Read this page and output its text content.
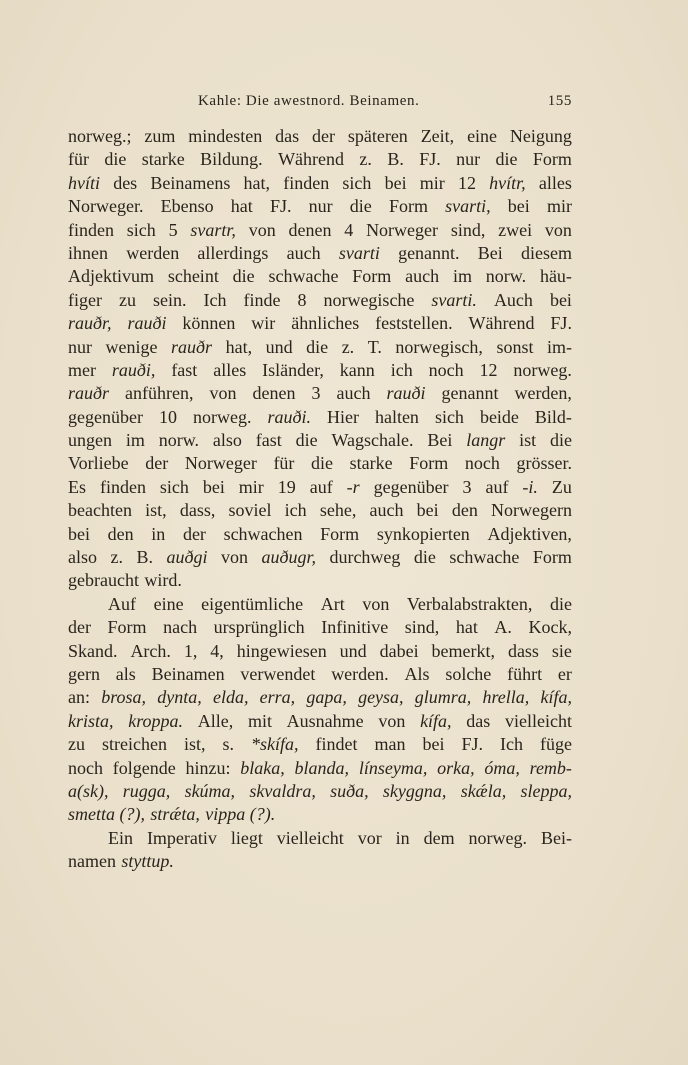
Kahle: Die awestnord. Beinamen.	155
norweg.; zum mindesten das der späteren Zeit, eine Neigung
für die starke Bildung. Während z. B. FJ. nur die Form
hvíti des Beinamens hat, finden sich bei mir 12 hvítr, alles
Norweger. Ebenso hat FJ. nur die Form svarti, bei mir
finden sich 5 svartr, von denen 4 Norweger sind, zwei von
ihnen werden allerdings auch svarti genannt. Bei diesem
Adjektivum scheint die schwache Form auch im norw. häu-
figer zu sein. Ich finde 8 norwegische svarti. Auch bei
rauðr, rauði können wir ähnliches feststellen. Während FJ.
nur wenige rauðr hat, und die z. T. norwegisch, sonst im-
mer rauði, fast alles Isländer, kann ich noch 12 norweg.
rauðr anführen, von denen 3 auch rauði genannt werden,
gegenüber 10 norweg. rauði. Hier halten sich beide Bild-
ungen im norw. also fast die Wagschale. Bei langr ist die
Vorliebe der Norweger für die starke Form noch grösser.
Es finden sich bei mir 19 auf -r gegenüber 3 auf -i. Zu
beachten ist, dass, soviel ich sehe, auch bei den Norwegern
bei den in der schwachen Form synkopierten Adjektiven,
also z. B. auðgi von auðugr, durchweg die schwache Form
gebraucht wird.
Auf eine eigentümliche Art von Verbalabstrakten, die
der Form nach ursprünglich Infinitive sind, hat A. Kock,
Skand. Arch. 1, 4, hingewiesen und dabei bemerkt, dass sie
gern als Beinamen verwendet werden. Als solche führt er
an: brosa, dynta, elda, erra, gapa, geysa, glumra, hrella, kífa,
krista, kroppa. Alle, mit Ausnahme von kífa, das vielleicht
zu streichen ist, s. *skífa, findet man bei FJ. Ich füge
noch folgende hinzu: blaka, blanda, línseyma, orka, óma, remb-
a(sk), rugga, skúma, skvaldra, suða, skyggna, skǽla, sleppa,
smetta (?), strǽta, vippa (?).
Ein Imperativ liegt vielleicht vor in dem norweg. Bei-
namen styttup.
